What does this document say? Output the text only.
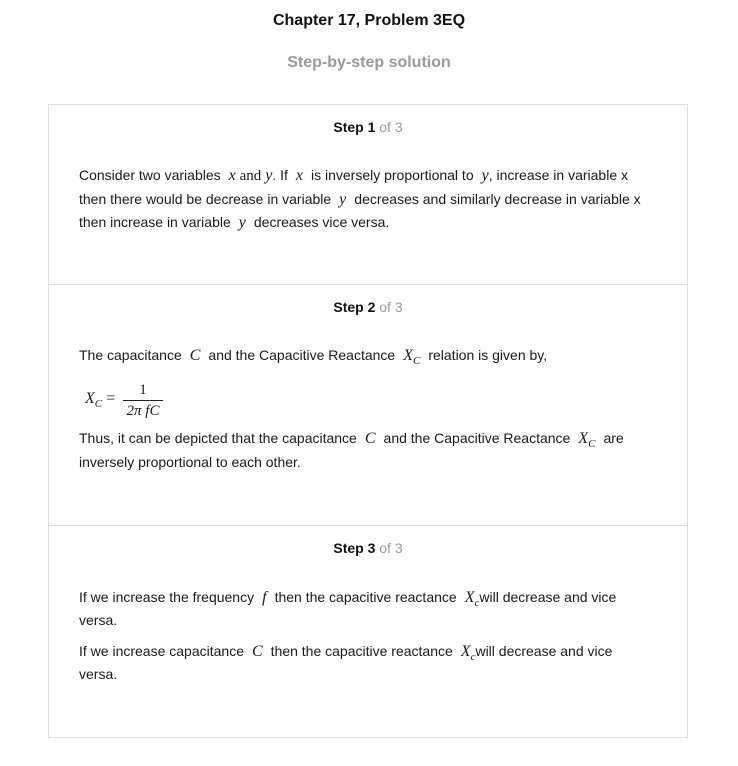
Chapter 17, Problem 3EQ
Step-by-step solution
Step 1 of 3
Consider two variables x and y. If x is inversely proportional to y, increase in variable x
then there would be decrease in variable y decreases and similarly decrease in variable x
then increase in variable y decreases vice versa.
Step 2 of 3
The capacitance C and the Capacitive Reactance $X_C$ relation is given by,
$X_C$ =	1
2π fC
Thus, it can be depicted that the capacitance C and the Capacitive Reactance $X_C$ are
inversely proportional to each other.
Step 3 of 3
If we increase the frequency f then the capacitive reactance $X_cwill$ decrease and vice
versa.
If we increase capacitance C then the capacitive reactance $X_cwill$ decrease and vice
versa.
